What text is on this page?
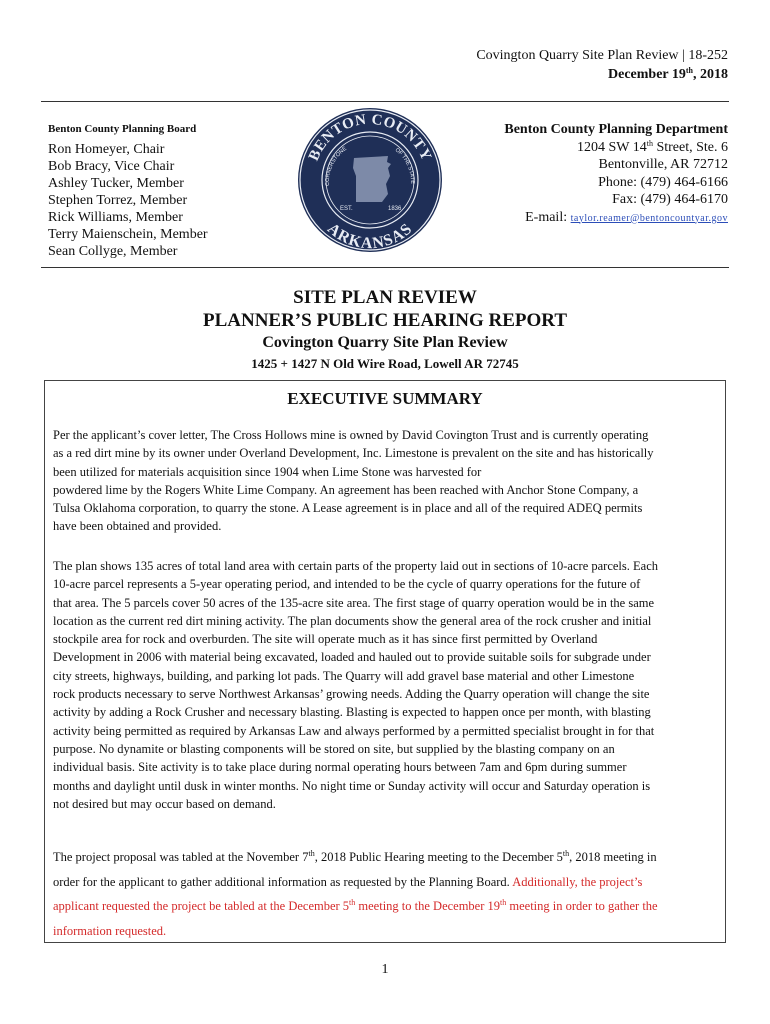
Covington Quarry Site Plan Review | 18-252
December 19th, 2018
Benton County Planning Board
Ron Homeyer, Chair
Bob Bracy, Vice Chair
Ashley Tucker, Member
Stephen Torrez, Member
Rick Williams, Member
Terry Maienschein, Member
Sean Collyge, Member
BENTON COUNTY
ARKANSAS
CORNERSTONE	OF THE STATE
EST.	1836
Benton County Planning Department
1204 SW 14th Street, Ste. 6
Bentonville, AR 72712
Phone: (479) 464-6166
Fax: (479) 464-6170
E-mail: taylor.reamer@bentoncountyar.gov
SITE PLAN REVIEW
PLANNER’S PUBLIC HEARING REPORT
Covington Quarry Site Plan Review
1425 + 1427 N Old Wire Road, Lowell AR 72745
EXECUTIVE SUMMARY
Per the applicant’s cover letter, The Cross Hollows mine is owned by David Covington Trust and is currently operating
as a red dirt mine by its owner under Overland Development, Inc. Limestone is prevalent on the site and has historically
been utilized for materials acquisition since 1904 when Lime Stone was harvested for
powdered lime by the Rogers White Lime Company. An agreement has been reached with Anchor Stone Company, a
Tulsa Oklahoma corporation, to quarry the stone. A Lease agreement is in place and all of the required ADEQ permits
have been obtained and provided.
The plan shows 135 acres of total land area with certain parts of the property laid out in sections of 10-acre parcels. Each
10-acre parcel represents a 5-year operating period, and intended to be the cycle of quarry operations for the future of
that area. The 5 parcels cover 50 acres of the 135-acre site area. The first stage of quarry operation would be in the same
location as the current red dirt mining activity. The plan documents show the general area of the rock crusher and initial
stockpile area for rock and overburden. The site will operate much as it has since first permitted by Overland
Development in 2006 with material being excavated, loaded and hauled out to provide suitable soils for subgrade under
city streets, highways, building, and parking lot pads. The Quarry will add gravel base material and other Limestone
rock products necessary to serve Northwest Arkansas’ growing needs. Adding the Quarry operation will change the site
activity by adding a Rock Crusher and necessary blasting. Blasting is expected to happen once per month, with blasting
activity being permitted as required by Arkansas Law and always performed by a permitted specialist brought in for that
purpose. No dynamite or blasting components will be stored on site, but supplied by the blasting company on an
individual basis. Site activity is to take place during normal operating hours between 7am and 6pm during summer
months and daylight until dusk in winter months. No night time or Sunday activity will occur and Saturday operation is
not desired but may occur based on demand.
The project proposal was tabled at the November 7th, 2018 Public Hearing meeting to the December 5th, 2018 meeting in
order for the applicant to gather additional information as requested by the Planning Board. Additionally, the project’s
applicant requested the project be tabled at the December 5th meeting to the December 19th meeting in order to gather the
information requested.
1
